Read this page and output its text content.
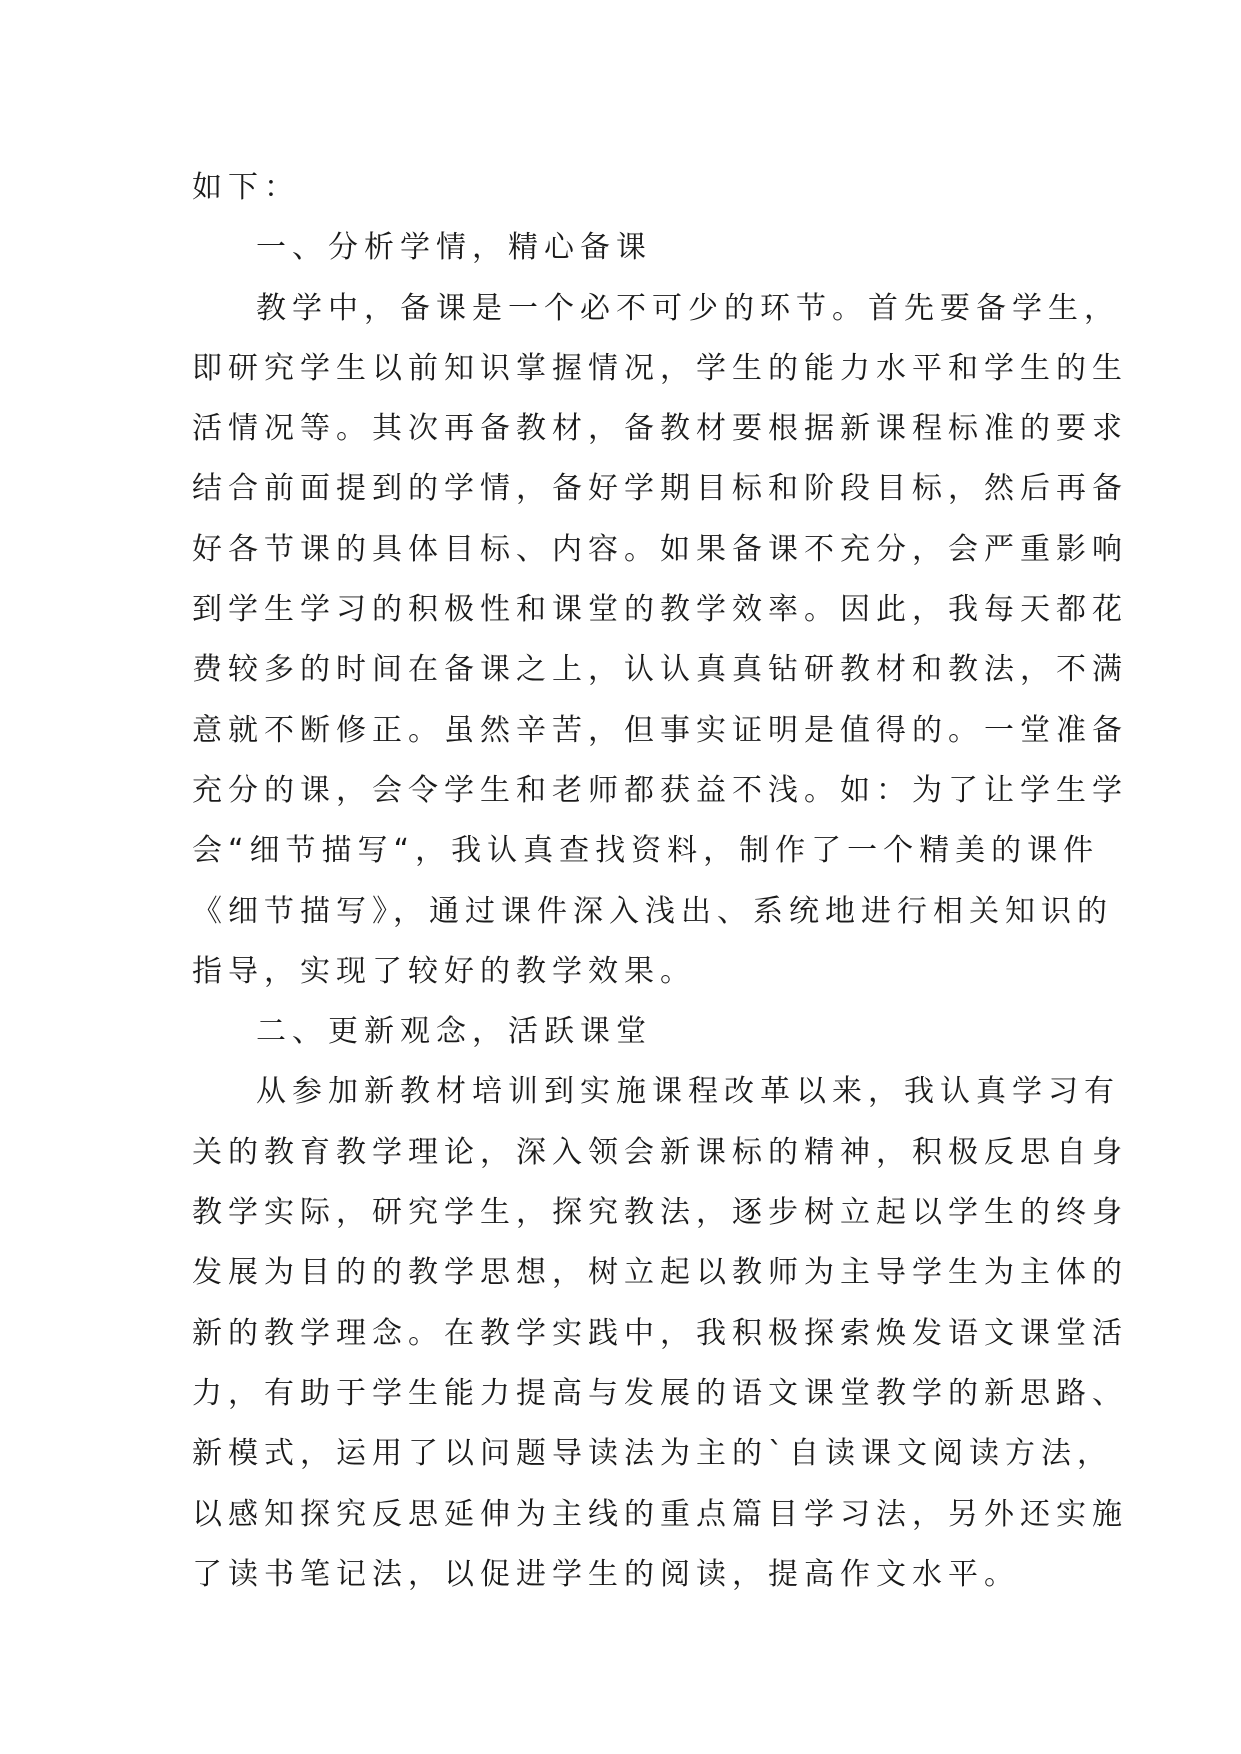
如下：
一、分析学情，精心备课
教学中，备课是一个必不可少的环节。首先要备学生，
即研究学生以前知识掌握情况，学生的能力水平和学生的生
活情况等。其次再备教材，备教材要根据新课程标准的要求
结合前面提到的学情，备好学期目标和阶段目标，然后再备
好各节课的具体目标、内容。如果备课不充分，会严重影响
到学生学习的积极性和课堂的教学效率。因此，我每天都花
费较多的时间在备课之上，认认真真钻研教材和教法，不满
意就不断修正。虽然辛苦，但事实证明是值得的。一堂准备
充分的课，会令学生和老师都获益不浅。如：为了让学生学
会“细节描写“，我认真查找资料，制作了一个精美的课件
《细节描写》，通过课件深入浅出、系统地进行相关知识的
指导，实现了较好的教学效果。
二、更新观念，活跃课堂
从参加新教材培训到实施课程改革以来，我认真学习有
关的教育教学理论，深入领会新课标的精神，积极反思自身
教学实际，研究学生，探究教法，逐步树立起以学生的终身
发展为目的的教学思想，树立起以教师为主导学生为主体的
新的教学理念。在教学实践中，我积极探索焕发语文课堂活
力，有助于学生能力提高与发展的语文课堂教学的新思路、
新模式，运用了以问题导读法为主的`自读课文阅读方法，
以感知探究反思延伸为主线的重点篇目学习法，另外还实施
了读书笔记法，以促进学生的阅读，提高作文水平。
